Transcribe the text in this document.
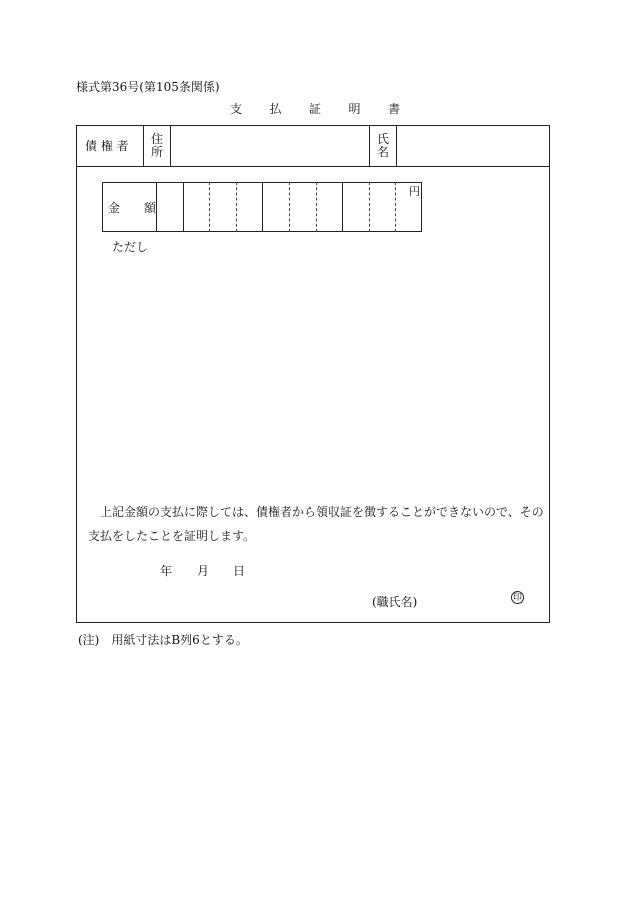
様式第36号(第105条関係)
支 払 証 明 書
債 権 者 住
所
氏
名
金　　額
円
ただし
上記金額の支払に際しては、債権者から領収証を徴することができないので、その支払をしたことを証明します。
年 月 日
(職氏名)	印
(注)　用紙寸法はB列6とする。
